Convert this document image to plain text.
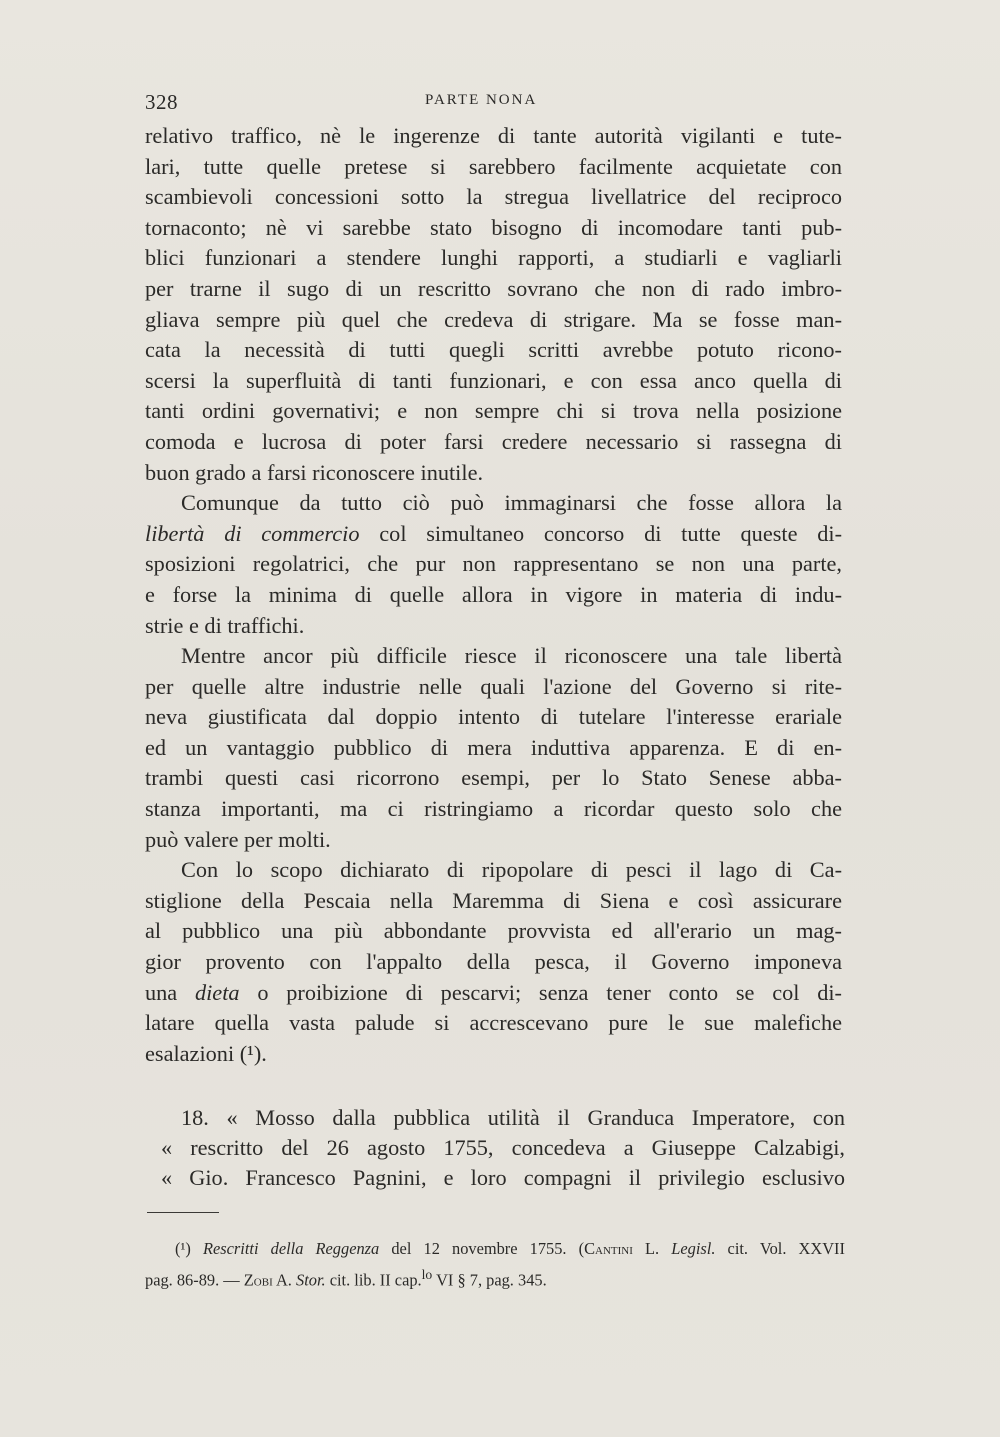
328	PARTE NONA

relativo traffico, nè le ingerenze di tante autorità vigilanti e tute-
lari, tutte quelle pretese si sarebbero facilmente acquietate con
scambievoli concessioni sotto la stregua livellatrice del reciproco
tornaconto; nè vi sarebbe stato bisogno di incomodare tanti pub-
blici funzionari a stendere lunghi rapporti, a studiarli e vagliarli
per trarne il sugo di un rescritto sovrano che non di rado imbro-
gliava sempre più quel che credeva di strigare. Ma se fosse man-
cata la necessità di tutti quegli scritti avrebbe potuto ricono-
scersi la superfluità di tanti funzionari, e con essa anco quella di
tanti ordini governativi; e non sempre chi si trova nella posizione
comoda e lucrosa di poter farsi credere necessario si rassegna di
buon grado a farsi riconoscere inutile.

Comunque da tutto ciò può immaginarsi che fosse allora la
libertà di commercio col simultaneo concorso di tutte queste di-
sposizioni regolatrici, che pur non rappresentano se non una parte,
e forse la minima di quelle allora in vigore in materia di indu-
strie e di traffichi.

Mentre ancor più difficile riesce il riconoscere una tale libertà
per quelle altre industrie nelle quali l'azione del Governo si rite-
neva giustificata dal doppio intento di tutelare l'interesse erariale
ed un vantaggio pubblico di mera induttiva apparenza. E di en-
trambi questi casi ricorrono esempi, per lo Stato Senese abba-
stanza importanti, ma ci ristringiamo a ricordar questo solo che
può valere per molti.

Con lo scopo dichiarato di ripopolare di pesci il lago di Ca-
stiglione della Pescaia nella Maremma di Siena e così assicurare
al pubblico una più abbondante provvista ed all'erario un mag-
gior provento con l'appalto della pesca, il Governo imponeva
una dieta o proibizione di pescarvi; senza tener conto se col di-
latare quella vasta palude si accrescevano pure le sue malefiche
esalazioni (¹).

18. « Mosso dalla pubblica utilità il Granduca Imperatore, con
« rescritto del 26 agosto 1755, concedeva a Giuseppe Calzabigi,
« Gio. Francesco Pagnini, e loro compagni il privilegio esclusivo

(¹) Rescritti della Reggenza del 12 novembre 1755. (Cantini L. Legisl. cit. Vol. XXVII
pag. 86-89. — Zobi A. Stor. cit. lib. II cap.$^{lo}$ VI § 7, pag. 345.
